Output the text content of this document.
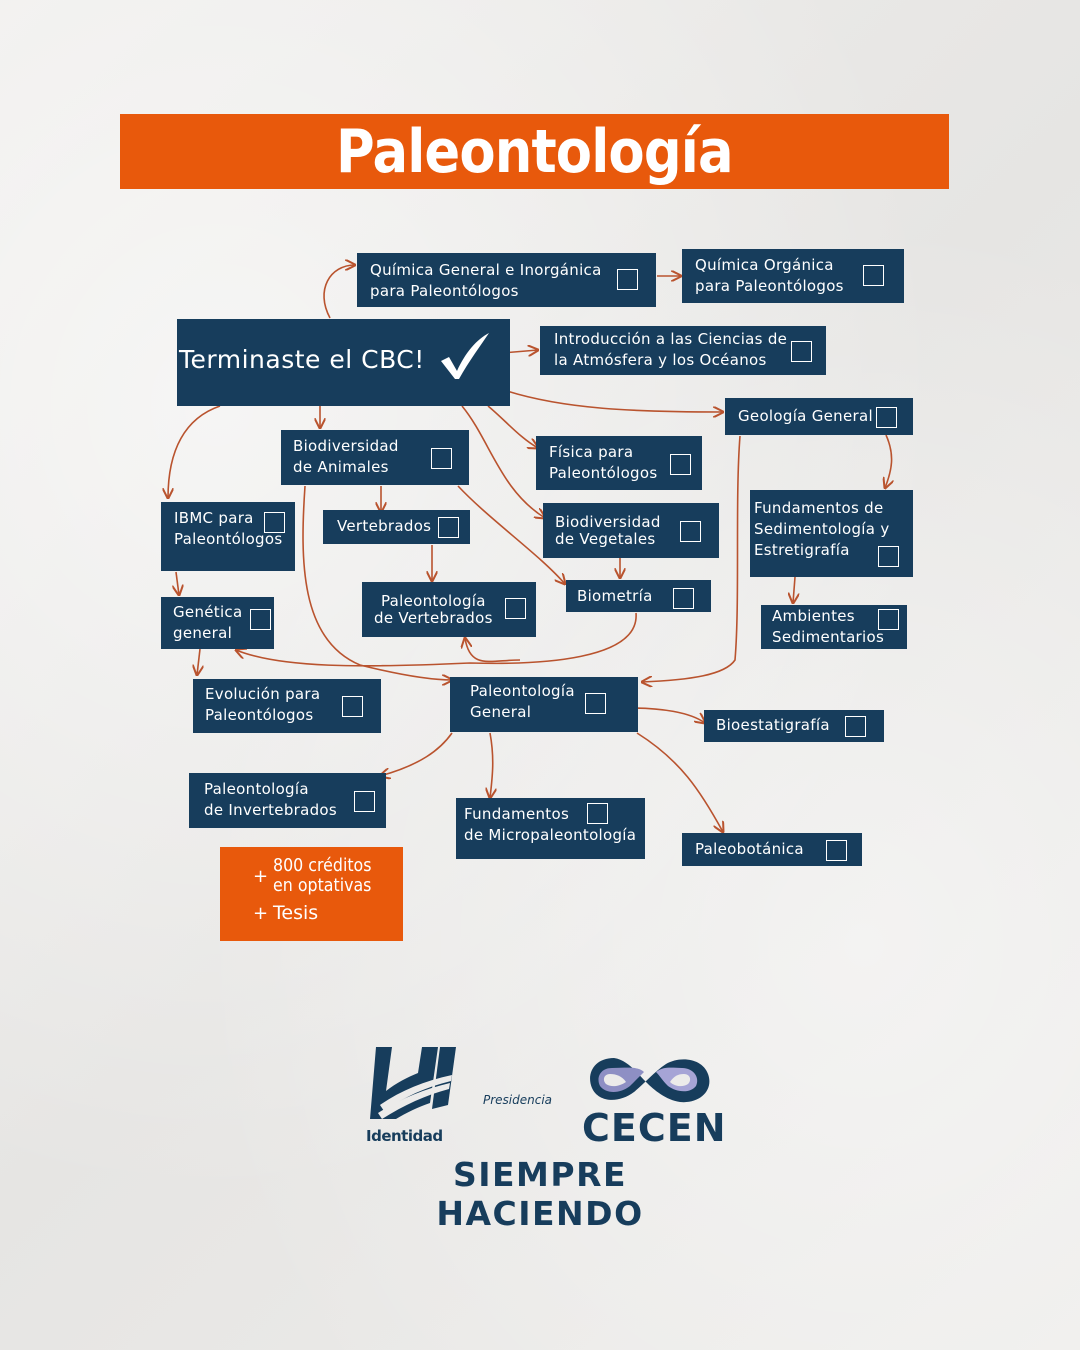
Paleontología
Terminaste el CBC!
Química General e Inorgánica
para Paleontólogos
Química Orgánica
para Paleontólogos
Introducción a las Ciencias de
la Atmósfera y los Océanos
Geología General
Biodiversidad
de Animales
Física para
Paleontólogos
IBMC para
Paleontólogos
Vertebrados	Biodiversidad
de Vegetales
Fundamentos de
Sedimentología y
Estretigrafía
Genética
general
Paleontología
de Vertebrados
Biometría
Ambientes
Sedimentarios
Evolución para
Paleontólogos
Paleontología
General
Bioestatigrafía
Paleontología
de Invertebrados	Fundamentos
de Micropaleontología
Paleobotánica
+
800 créditos
en optativas
+ Tesis
Identidad
Presidencia
CECEN
SIEMPRE HACIENDO
